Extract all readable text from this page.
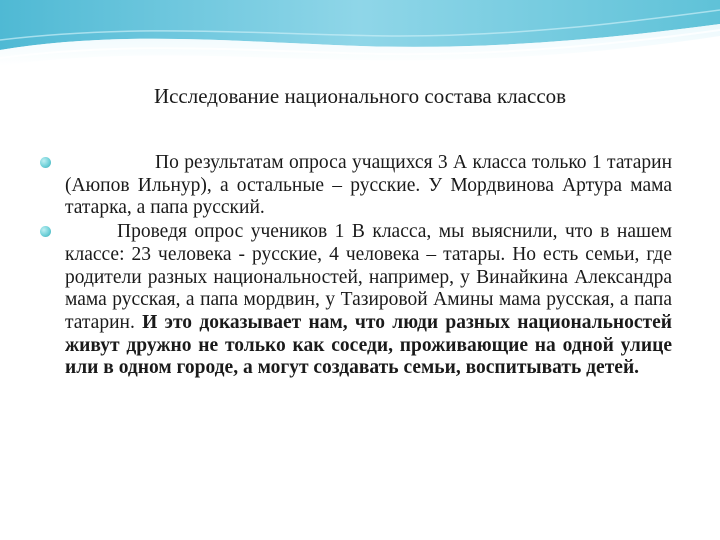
Исследование национального состава классов
По результатам опроса учащихся 3 А класса только 1 татарин (Аюпов Ильнур), а остальные – русские. У Мордвинова Артура мама татарка, а папа русский.
Проведя опрос учеников 1 В класса, мы выяснили, что в нашем классе: 23 человека - русские, 4 человека – татары. Но есть семьи, где родители разных национальностей, например, у Винайкина Александра мама русская, а папа мордвин, у Тазировой Амины мама русская, а папа татарин. И это доказывает нам, что люди разных национальностей живут дружно не только как соседи, проживающие на одной улице или в одном городе, а могут создавать семьи, воспитывать детей.
